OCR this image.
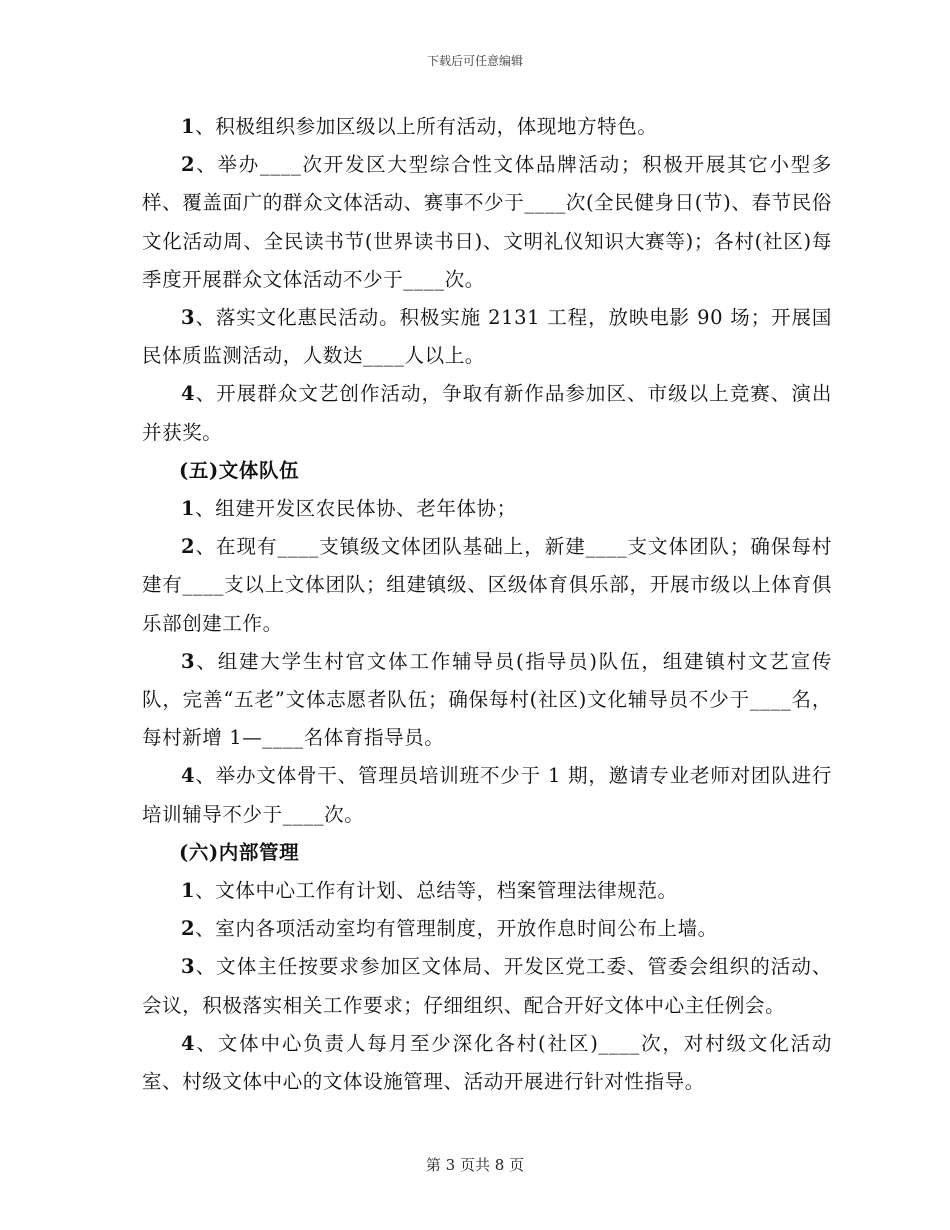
下载后可任意编辑

1、积极组织参加区级以上所有活动，体现地方特色。

2、举办____次开发区大型综合性文体品牌活动；积极开展其它小型多样、覆盖面广的群众文体活动、赛事不少于____次(全民健身日(节)、春节民俗文化活动周、全民读书节(世界读书日)、文明礼仪知识大赛等)；各村(社区)每季度开展群众文体活动不少于____次。

3、落实文化惠民活动。积极实施 2131 工程，放映电影 90 场；开展国民体质监测活动，人数达____人以上。

4、开展群众文艺创作活动，争取有新作品参加区、市级以上竞赛、演出并获奖。

(五)文体队伍

1、组建开发区农民体协、老年体协；

2、在现有____支镇级文体团队基础上，新建____支文体团队；确保每村建有____支以上文体团队；组建镇级、区级体育俱乐部，开展市级以上体育俱乐部创建工作。

3、组建大学生村官文体工作辅导员(指导员)队伍，组建镇村文艺宣传队，完善“五老”文体志愿者队伍；确保每村(社区)文化辅导员不少于____名，每村新增 1—____名体育指导员。

4、举办文体骨干、管理员培训班不少于 1 期，邀请专业老师对团队进行培训辅导不少于____次。

(六)内部管理

1、文体中心工作有计划、总结等，档案管理法律规范。

2、室内各项活动室均有管理制度，开放作息时间公布上墙。

3、文体主任按要求参加区文体局、开发区党工委、管委会组织的活动、会议，积极落实相关工作要求；仔细组织、配合开好文体中心主任例会。

4、文体中心负责人每月至少深化各村(社区)____次，对村级文化活动室、村级文体中心的文体设施管理、活动开展进行针对性指导。

第 3 页共 8 页
